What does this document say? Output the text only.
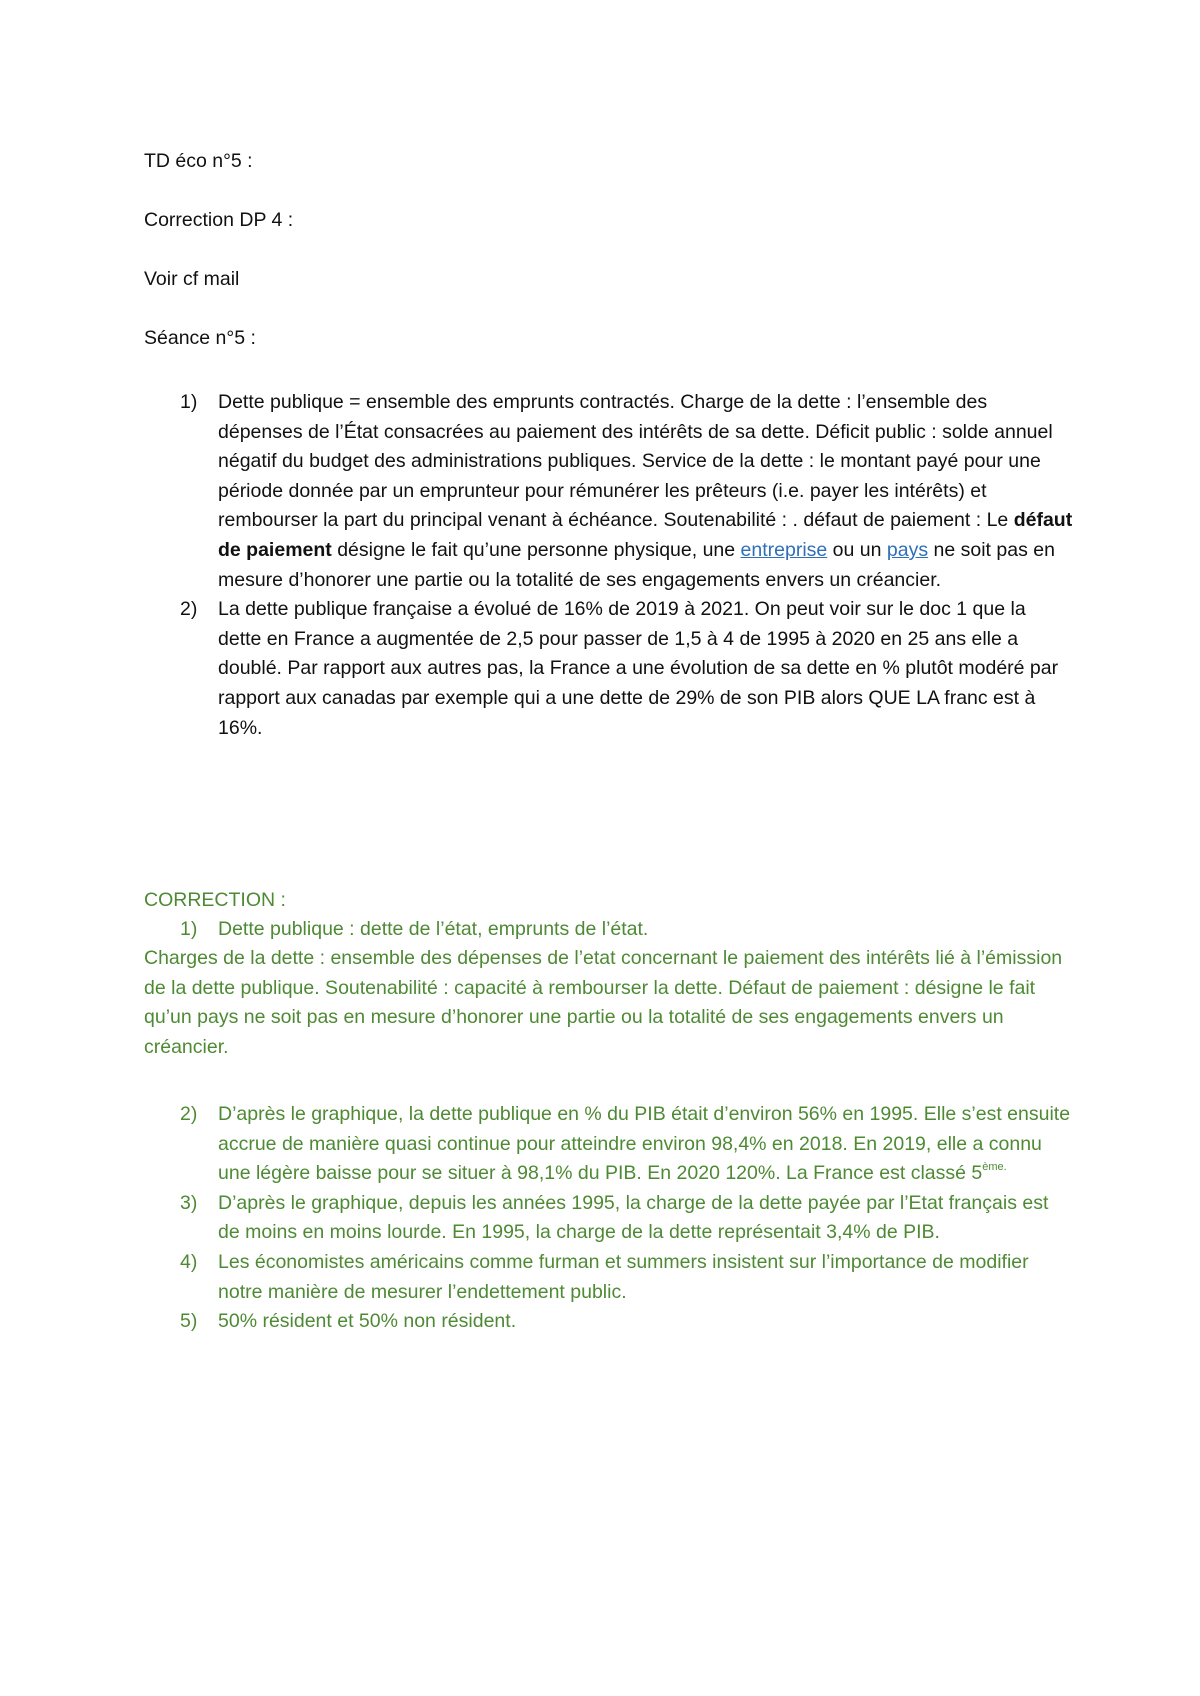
TD éco n°5 :

Correction DP 4 :

Voir cf mail

Séance n°5 :

1) Dette publique = ensemble des emprunts contractés. Charge de la dette : l’ensemble des dépenses de l’État consacrées au paiement des intérêts de sa dette. Déficit public : solde annuel négatif du budget des administrations publiques. Service de la dette : le montant payé pour une période donnée par un emprunteur pour rémunérer les prêteurs (i.e. payer les intérêts) et rembourser la part du principal venant à échéance. Soutenabilité : . défaut de paiement : Le défaut de paiement désigne le fait qu’une personne physique, une entreprise ou un pays ne soit pas en mesure d’honorer une partie ou la totalité de ses engagements envers un créancier.
2) La dette publique française a évolué de 16% de 2019 à 2021. On peut voir sur le doc 1 que la dette en France a augmentée de 2,5 pour passer de 1,5 à 4 de 1995 à 2020 en 25 ans elle a doublé. Par rapport aux autres pas, la France a une évolution de sa dette en % plutôt modéré par rapport aux canadas par exemple qui a une dette de 29% de son PIB alors QUE LA franc est à 16%.

CORRECTION :

1) Dette publique : dette de l’état, emprunts de l’état.

Charges de la dette : ensemble des dépenses de l’etat concernant le paiement des intérêts lié à l’émission de la dette publique. Soutenabilité : capacité à rembourser la dette. Défaut de paiement : désigne le fait qu’un pays ne soit pas en mesure d’honorer une partie ou la totalité de ses engagements envers un créancier.

2) D’après le graphique, la dette publique en % du PIB était d’environ 56% en 1995. Elle s’est ensuite accrue de manière quasi continue pour atteindre environ 98,4% en 2018. En 2019, elle a connu une légère baisse pour se situer à 98,1% du PIB. En 2020 120%. La France est classé $5^{ème.}$
3) D’après le graphique, depuis les années 1995, la charge de la dette payée par l’Etat français est de moins en moins lourde. En 1995, la charge de la dette représentait 3,4% de PIB.
4) Les économistes américains comme furman et summers insistent sur l’importance de modifier notre manière de mesurer l’endettement public.
5) 50% résident et 50% non résident.
